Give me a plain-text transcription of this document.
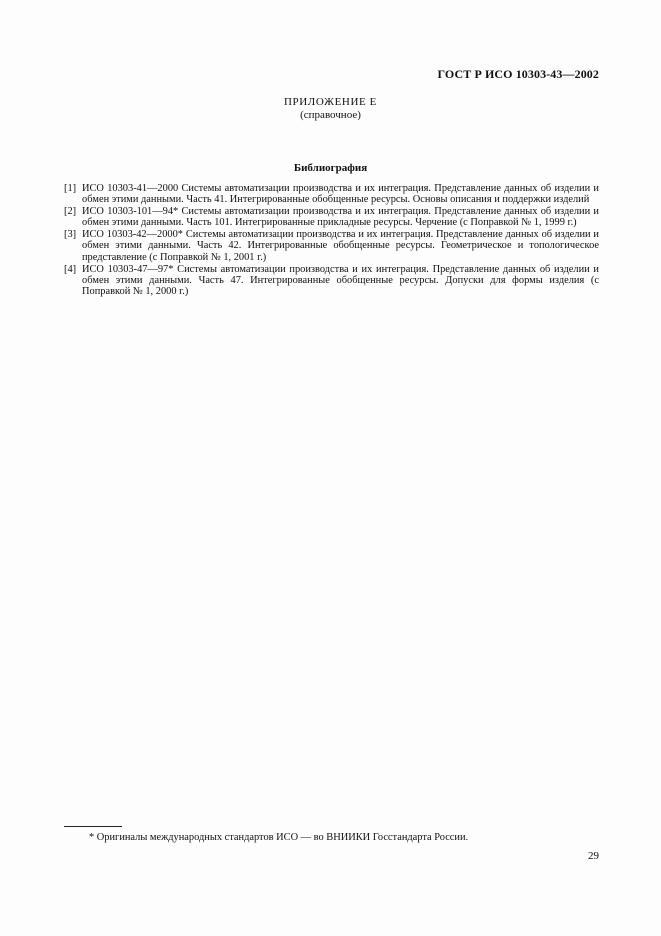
ГОСТ Р ИСО 10303-43—2002
ПРИЛОЖЕНИЕ Е
(справочное)
Библиография
[1] ИСО 10303-41—2000 Системы автоматизации производства и их интеграция. Представление данных об изделии и обмен этими данными. Часть 41. Интегрированные обобщенные ресурсы. Основы описания и поддержки изделий
[2] ИСО 10303-101—94* Системы автоматизации производства и их интеграция. Представление данных об изделии и обмен этими данными. Часть 101. Интегрированные прикладные ресурсы. Черчение (с Поправкой № 1, 1999 г.)
[3] ИСО 10303-42—2000* Системы автоматизации производства и их интеграция. Представление данных об изделии и обмен этими данными. Часть 42. Интегрированные обобщенные ресурсы. Геометрическое и топологическое представление (с Поправкой № 1, 2001 г.)
[4] ИСО 10303-47—97* Системы автоматизации производства и их интеграция. Представление данных об изделии и обмен этими данными. Часть 47. Интегрированные обобщенные ресурсы. Допуски для формы изделия (с Поправкой № 1, 2000 г.)
* Оригиналы международных стандартов ИСО — во ВНИИКИ Госстандарта России.
29
